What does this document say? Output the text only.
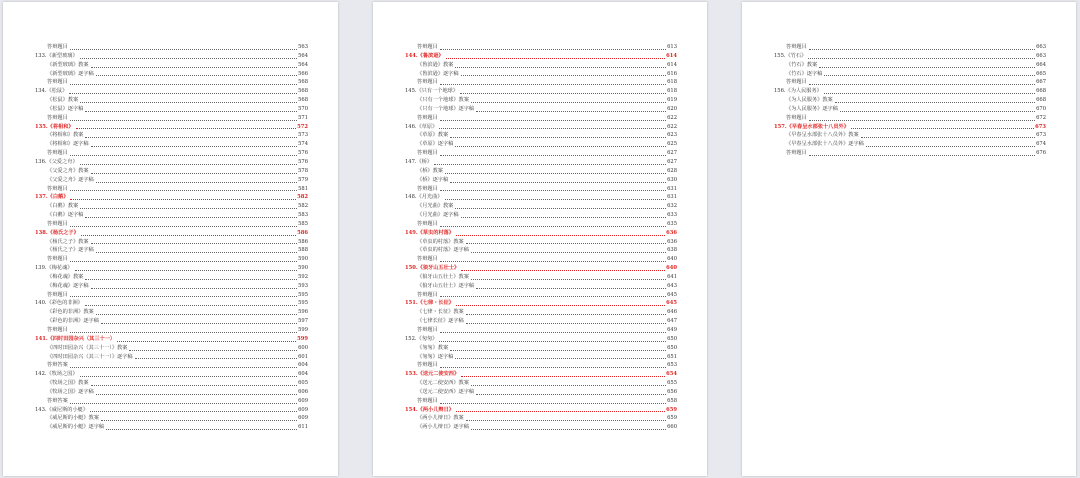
答辩题目	563
133.《新型玻璃》	564
《新型玻璃》教案	564
《新型玻璃》逐字稿	566
答辩题目	568
134.《松鼠》	568
《松鼠》教案	568
《松鼠》逐字稿	570
答辩题目	571
135.《将相和》	572
《将相和》教案	573
《将相和》逐字稿	574
答辩题目	576
136.《父爱之舟》	576
《父爱之舟》教案	578
《父爱之舟》逐字稿	579
答辩题目	581
137.《白鹅》	582
《白鹅》教案	582
《白鹅》逐字稿	583
答辩题目	585
138.《杨氏之子》	586
《杨氏之子》教案	586
《杨氏之子》逐字稿	588
答辩题目	590
139.《梅花魂》	590
《梅花魂》教案	592
《梅花魂》逐字稿	593
答辩题目	595
140.《彩色的非洲》	595
《彩色的非洲》教案	596
《彩色的非洲》逐字稿	597
答辩题目	599
141.《四时田园杂兴（其三十一）	599
《四时田园杂兴（其三十一）》教案	600
《四时田园杂兴（其三十一）》逐字稿	601
答辩答案	604
142.《牧场之国》	604
《牧场之国》教案	605
《牧场之国》逐字稿	606
答辩答案	609
143.《威尼斯的小艇》	609
《威尼斯的小艇》教案	609
《威尼斯的小艇》逐字稿	611
答辩题目	613
144.《鲁滨逊》	614
《鲁滨逊》教案	614
《鲁滨逊》逐字稿	616
答辩题目	618
145.《只有一个地球》	618
《只有一个地球》教案	619
《只有一个地球》逐字稿	620
答辩题目	622
146.《草原》	622
《草原》教案	623
《草原》逐字稿	625
答辩题目	627
147.《桥》	627
《桥》教案	628
《桥》逐字稿	630
答辩题目	631
148.《月光曲》	631
《月光曲》教案	632
《月光曲》逐字稿	633
答辩题目	635
149.《草虫的村落》	636
《草虫的村落》教案	636
《草虫的村落》逐字稿	638
答辩题目	640
150.《狼牙山五壮士》	640
《狼牙山五壮士》教案	641
《狼牙山五壮士》逐字稿	643
答辩题目	645
151.《七律・长征》	645
《七律・长征》教案	646
《七律长征》逐字稿	647
答辩题目	649
152.《匆匆》	650
《匆匆》教案	650
《匆匆》逐字稿	651
答辩题目	653
153.《送元二使安西》	654
《送元二使安西》教案	655
《送元二使安西》逐字稿	656
答辩题目	658
154.《两小儿辩日》	659
《两小儿辩日》教案	659
《两小儿辩日》逐字稿	660
答辩题目	663
155.《竹石》	663
《竹石》教案	664
《竹石》逐字稿	665
答辩题目	667
156.《为人民服务》	668
《为人民服务》教案	668
《为人民服务》逐字稿	670
答辩题目	672
157.《早春呈水部张十八员外》	673
《早春呈水部张十八员外》教案	673
《早春呈水部张十八员外》逐字稿	674
答辩题目	676
